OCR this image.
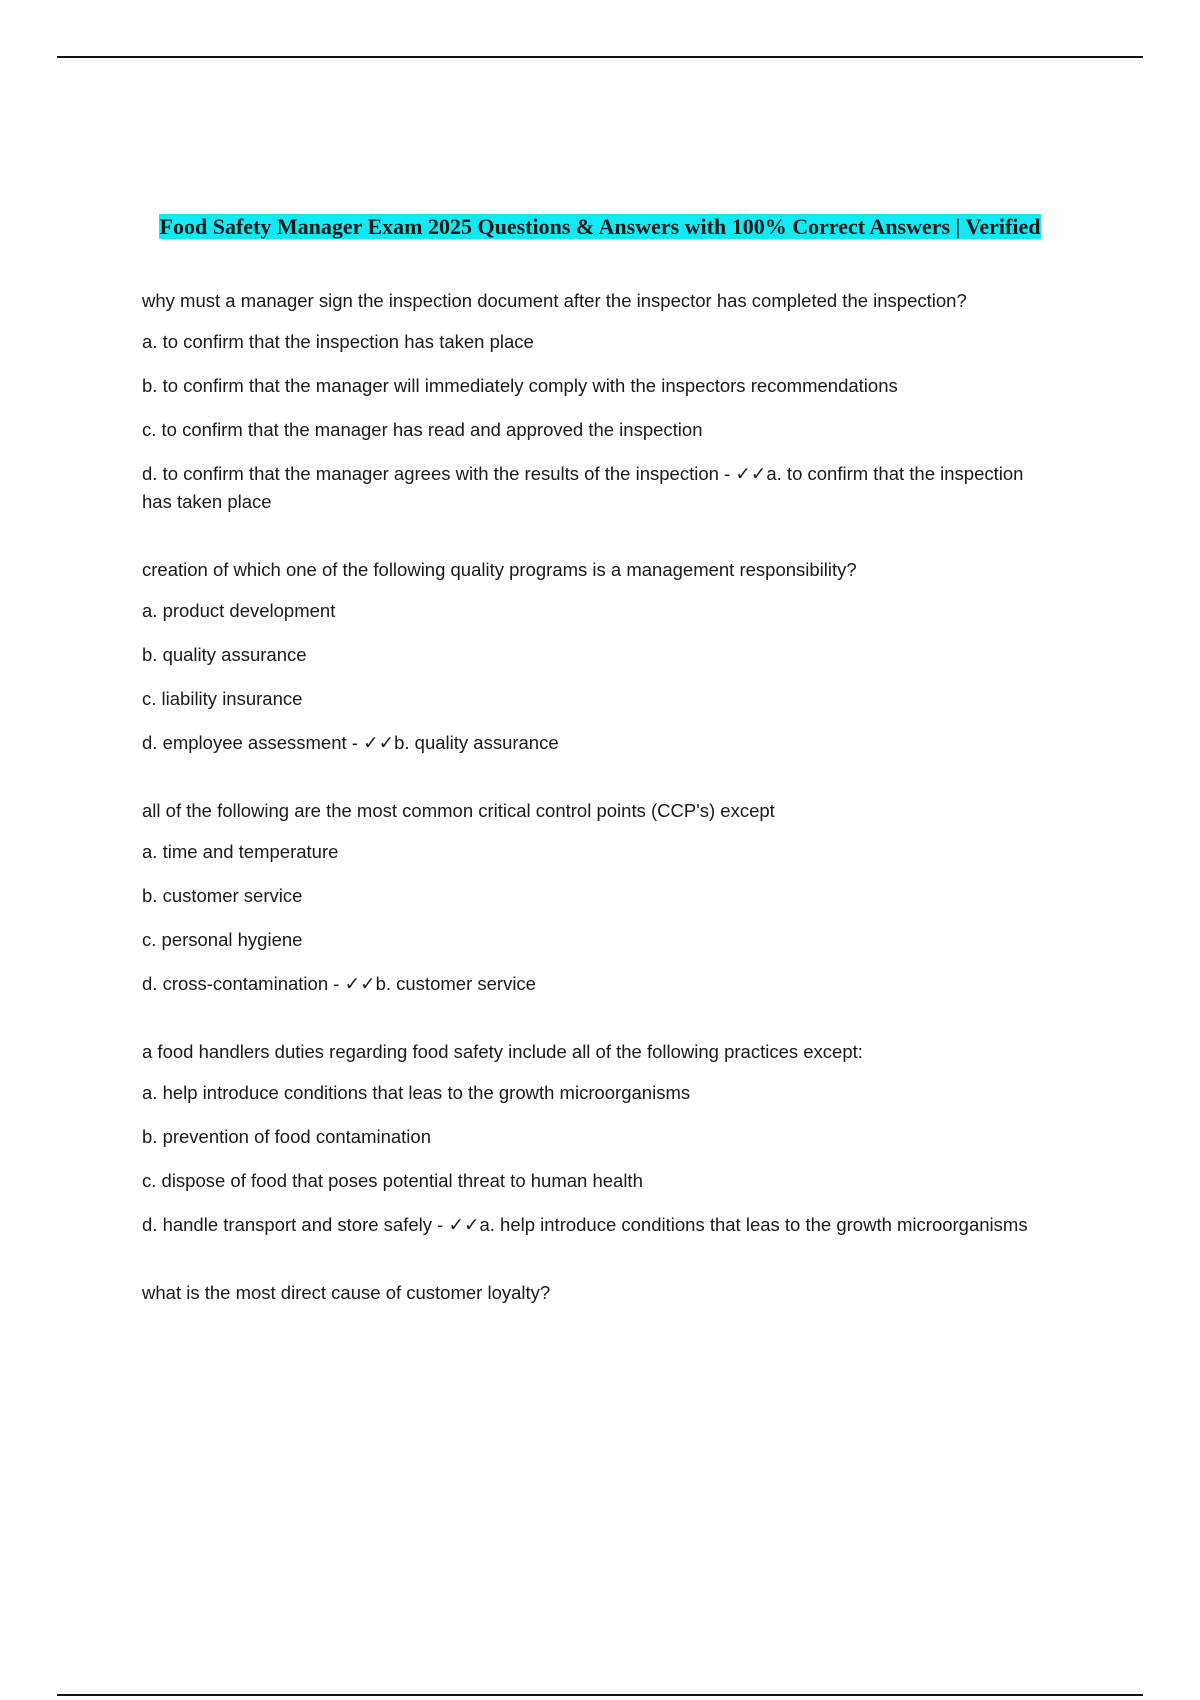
Food Safety Manager Exam 2025 Questions & Answers with 100% Correct Answers | Verified

why must a manager sign the inspection document after the inspector has completed the inspection?

a. to confirm that the inspection has taken place

b. to confirm that the manager will immediately comply with the inspectors recommendations

c. to confirm that the manager has read and approved the inspection

d. to confirm that the manager agrees with the results of the inspection - ✓✓a. to confirm that the inspection has taken place

creation of which one of the following quality programs is a management responsibility?

a. product development

b. quality assurance

c. liability insurance

d. employee assessment - ✓✓b. quality assurance

all of the following are the most common critical control points (CCP's) except

a. time and temperature

b. customer service

c. personal hygiene

d. cross-contamination - ✓✓b. customer service

a food handlers duties regarding food safety include all of the following practices except:

a. help introduce conditions that leas to the growth microorganisms

b. prevention of food contamination

c. dispose of food that poses potential threat to human health

d. handle transport and store safely - ✓✓a. help introduce conditions that leas to the growth microorganisms

what is the most direct cause of customer loyalty?
